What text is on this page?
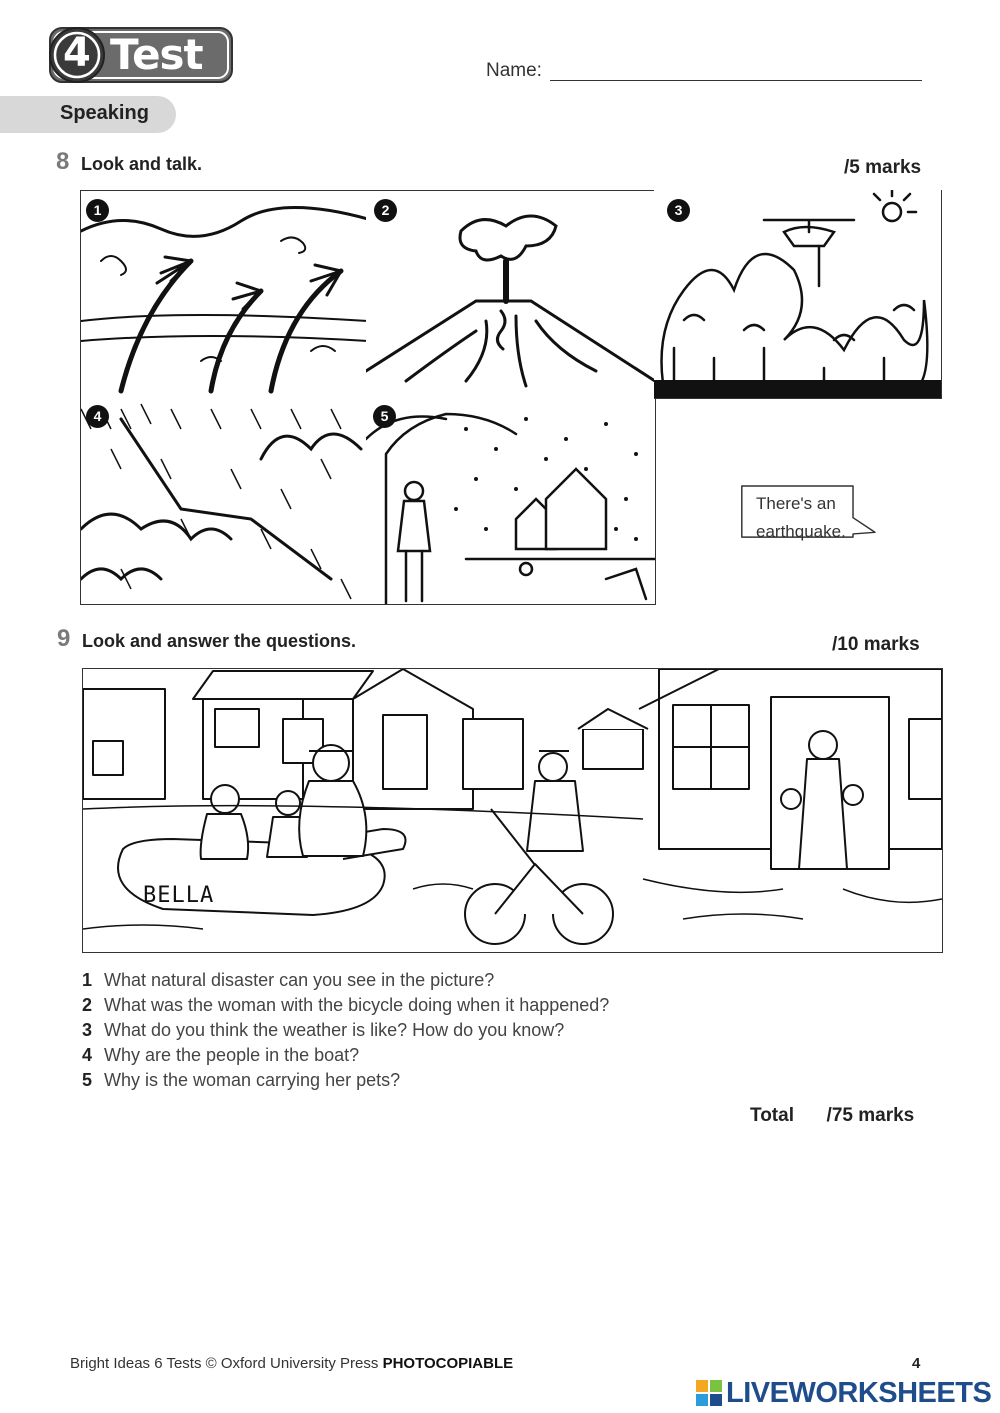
4 Test	Name:
Speaking
8 Look and talk.	/5 marks
1	2	3
4	5
There's an earthquake.
9 Look and answer the questions.	/10 marks
BELLA
1 What natural disaster can you see in the picture?
2 What was the woman with the bicycle doing when it happened?
3 What do you think the weather is like? How do you know?
4 Why are the people in the boat?
5 Why is the woman carrying her pets?
Total /75 marks
Bright Ideas 6 Tests © Oxford University Press PHOTOCOPIABLE	4
LIVEWORKSHEETS
